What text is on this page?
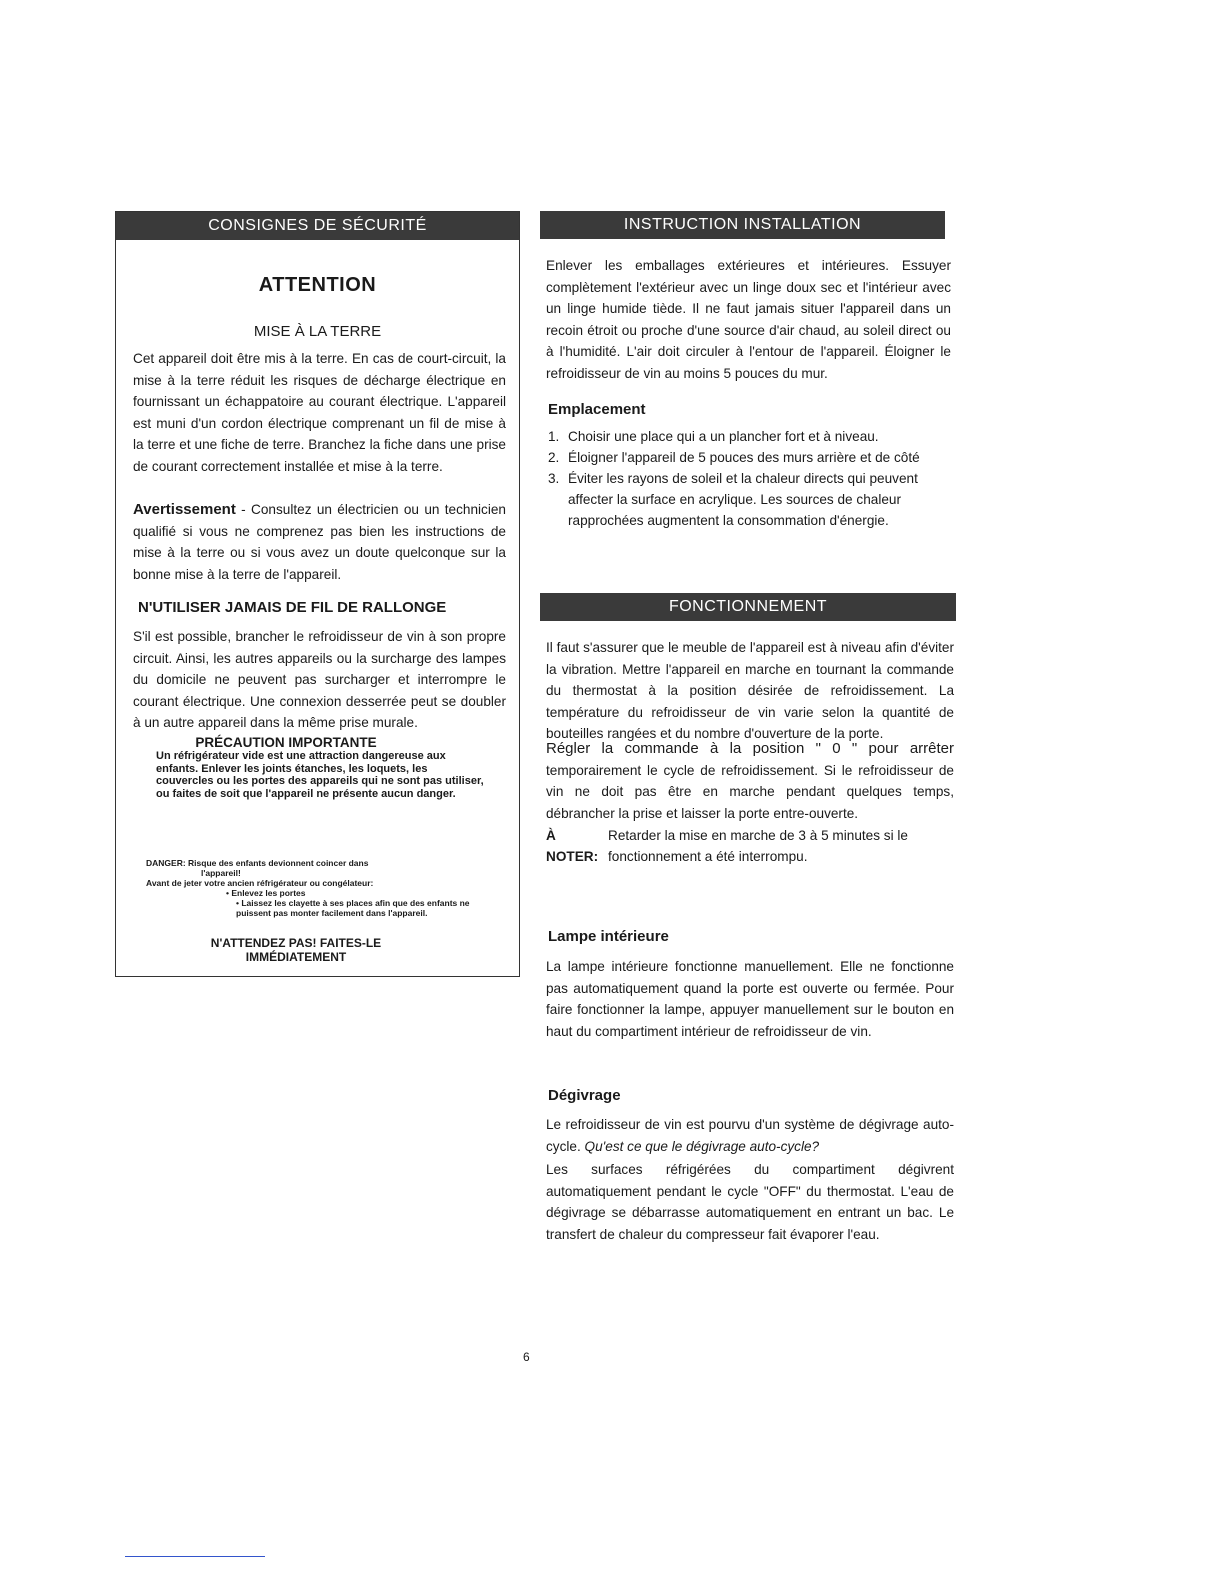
CONSIGNES DE SÉCURITÉ
ATTENTION
MISE À LA TERRE
Cet appareil doit être mis à la terre. En cas de court-circuit, la mise à la terre réduit les risques de décharge électrique en fournissant un échappatoire au courant électrique. L'appareil est muni d'un cordon électrique comprenant un fil de mise à la terre et une fiche de terre. Branchez la fiche dans une prise de courant correctement installée et mise à la terre.
Avertissement - Consultez un électricien ou un technicien qualifié si vous ne comprenez pas bien les instructions de mise à la terre ou si vous avez un doute quelconque sur la bonne mise à la terre de l'appareil.
N'UTILISER JAMAIS DE FIL DE RALLONGE
S'il est possible, brancher le refroidisseur de vin à son propre circuit. Ainsi, les autres appareils ou la surcharge des lampes du domicile ne peuvent pas surcharger et interrompre le courant électrique. Une connexion desserrée peut se doubler à un autre appareil dans la même prise murale.
PRÉCAUTION IMPORTANTE
Un réfrigérateur vide est une attraction dangereuse aux enfants. Enlever les joints étanches, les loquets, les couvercles ou les portes des appareils qui ne sont pas utiliser, ou faites de soit que l'appareil ne présente aucun danger.
DANGER: Risque des enfants devionnent coincer dans
l'appareil!
Avant de jeter votre ancien réfrigérateur ou congélateur:
• Enlevez les portes
• Laissez les clayette à ses places afin que des enfants ne puissent pas monter facilement dans l'appareil.
N'ATTENDEZ PAS! FAITES-LE
IMMÉDIATEMENT
INSTRUCTION INSTALLATION
Enlever les emballages extérieures et intérieures. Essuyer complètement l'extérieur avec un linge doux sec et l'intérieur avec un linge humide tiède. Il ne faut jamais situer l'appareil dans un recoin étroit ou proche d'une source d'air chaud, au soleil direct ou à l'humidité. L'air doit circuler à l'entour de l'appareil. Éloigner le refroidisseur de vin au moins 5 pouces du mur.
Emplacement
1. Choisir une place qui a un plancher fort et à niveau.
2. Éloigner l'appareil de 5 pouces des murs arrière et de côté
3. Éviter les rayons de soleil et la chaleur directs qui peuvent affecter la surface en acrylique. Les sources de chaleur rapprochées augmentent la consommation d'énergie.
FONCTIONNEMENT
Il faut s'assurer que le meuble de l'appareil est à niveau afin d'éviter la vibration. Mettre l'appareil en marche en tournant la commande du thermostat à la position désirée de refroidissement. La température du refroidisseur de vin varie selon la quantité de bouteilles rangées et du nombre d'ouverture de la porte.
Régler la commande à la position " 0 " pour arrêter temporairement le cycle de refroidissement. Si le refroidisseur de vin ne doit pas être en marche pendant quelques temps, débrancher la prise et laisser la porte entre-ouverte.
À NOTER:Retarder la mise en marche de 3 à 5 minutes si le fonctionnement a été interrompu.
Lampe intérieure
La lampe intérieure fonctionne manuellement. Elle ne fonctionne pas automatiquement quand la porte est ouverte ou fermée. Pour faire fonctionner la lampe, appuyer manuellement sur le bouton en haut du compartiment intérieur de refroidisseur de vin.
Dégivrage
Le refroidisseur de vin est pourvu d'un système de dégivrage auto-cycle. Qu'est ce que le dégivrage auto-cycle?
Les surfaces réfrigérées du compartiment dégivrent automatiquement pendant le cycle "OFF" du thermostat. L'eau de dégivrage se débarrasse automatiquement en entrant un bac. Le transfert de chaleur du compresseur fait évaporer l'eau.
6
